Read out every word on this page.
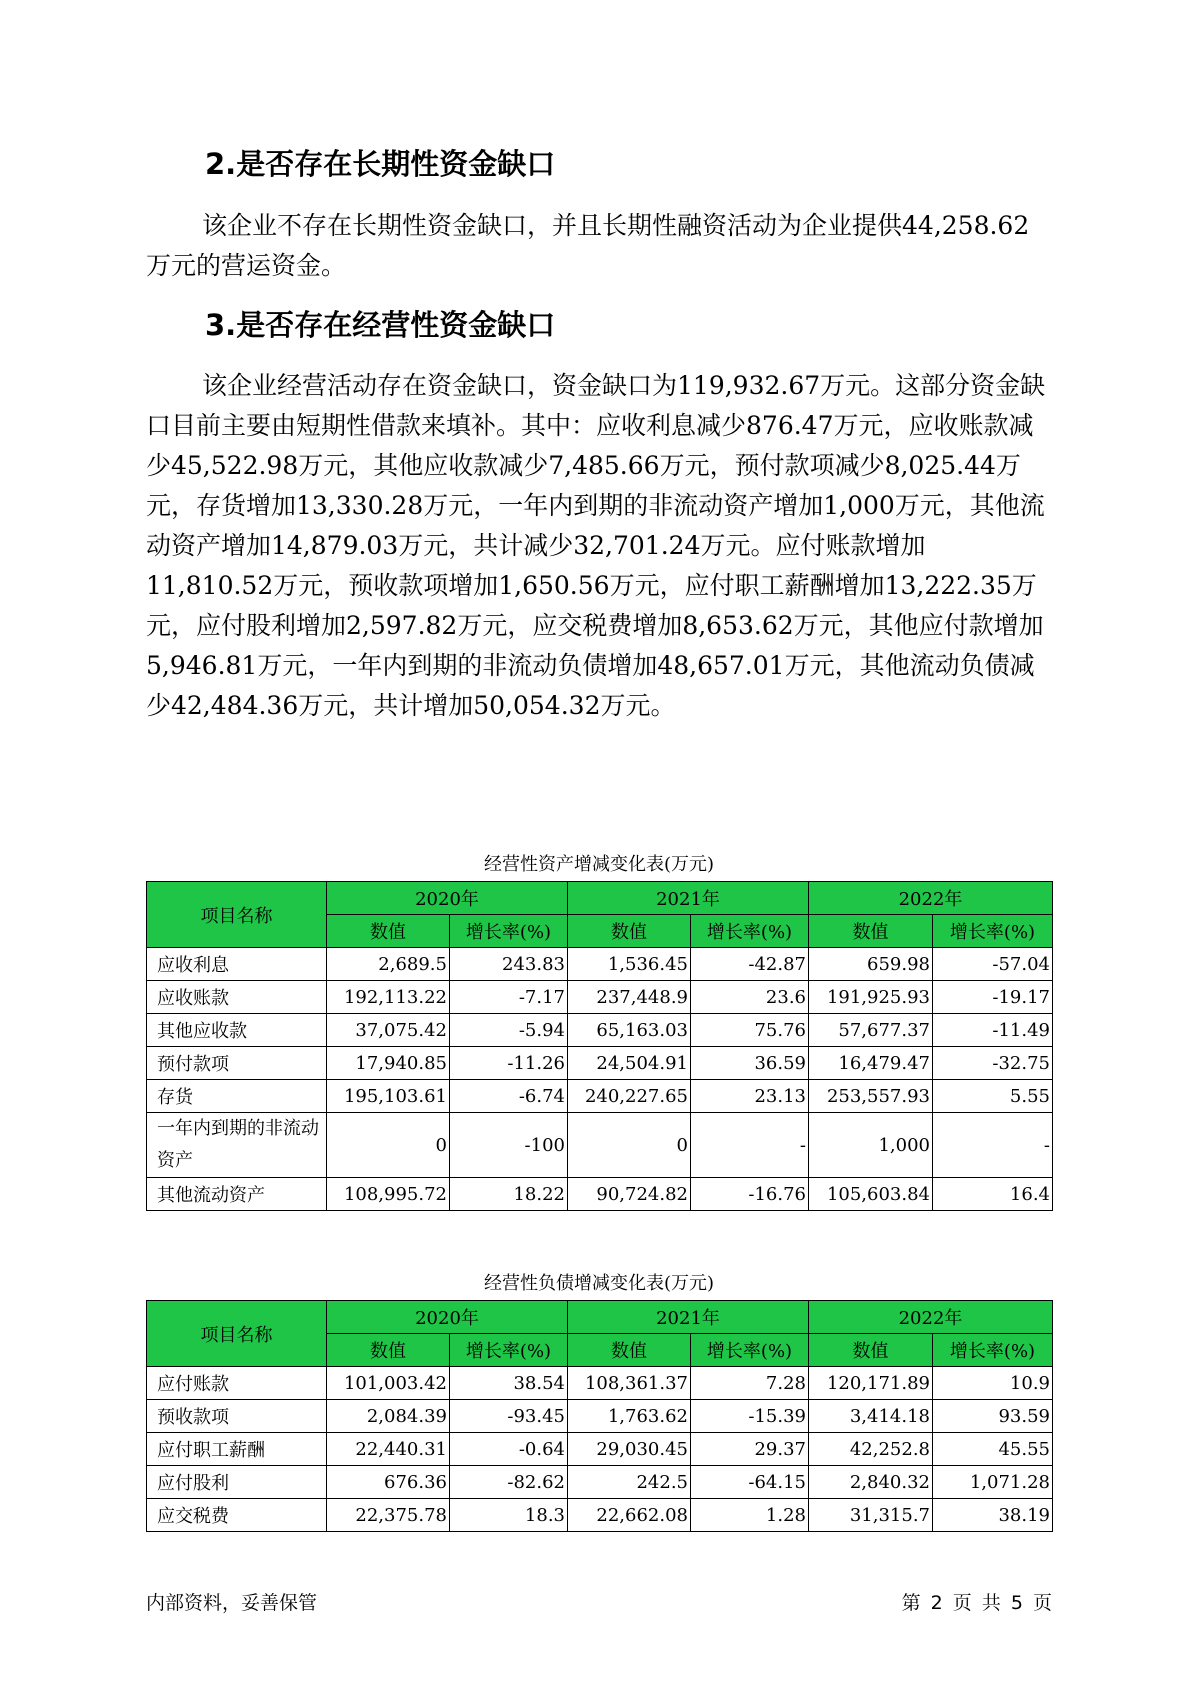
2.是否存在长期性资金缺口

该企业不存在长期性资金缺口，并且长期性融资活动为企业提供44,258.62万元的营运资金。

3.是否存在经营性资金缺口

该企业经营活动存在资金缺口，资金缺口为119,932.67万元。这部分资金缺口目前主要由短期性借款来填补。其中：应收利息减少876.47万元，应收账款减少45,522.98万元，其他应收款减少7,485.66万元，预付款项减少8,025.44万元，存货增加13,330.28万元，一年内到期的非流动资产增加1,000万元，其他流动资产增加14,879.03万元，共计减少32,701.24万元。应付账款增加11,810.52万元，预收款项增加1,650.56万元，应付职工薪酬增加13,222.35万元，应付股利增加2,597.82万元，应交税费增加8,653.62万元，其他应付款增加5,946.81万元，一年内到期的非流动负债增加48,657.01万元，其他流动负债减少42,484.36万元，共计增加50,054.32万元。

经营性资产增减变化表(万元)

项目名称	2020年		2021年		2022年	
	数值	增长率(%)	数值	增长率(%)	数值	增长率(%)
应收利息	2,689.5	243.83	1,536.45	-42.87	659.98	-57.04
应收账款	192,113.22	-7.17	237,448.9	23.6	191,925.93	-19.17
其他应收款	37,075.42	-5.94	65,163.03	75.76	57,677.37	-11.49
预付款项	17,940.85	-11.26	24,504.91	36.59	16,479.47	-32.75
存货	195,103.61	-6.74	240,227.65	23.13	253,557.93	5.55
一年内到期的非流动资产	0	-100	0	-	1,000	-
其他流动资产	108,995.72	18.22	90,724.82	-16.76	105,603.84	16.4

经营性负债增减变化表(万元)

项目名称	2020年		2021年		2022年	
	数值	增长率(%)	数值	增长率(%)	数值	增长率(%)
应付账款	101,003.42	38.54	108,361.37	7.28	120,171.89	10.9
预收款项	2,084.39	-93.45	1,763.62	-15.39	3,414.18	93.59
应付职工薪酬	22,440.31	-0.64	29,030.45	29.37	42,252.8	45.55
应付股利	676.36	-82.62	242.5	-64.15	2,840.32	1,071.28
应交税费	22,375.78	18.3	22,662.08	1.28	31,315.7	38.19
内部资料，妥善保管	第 2 页 共 5 页
